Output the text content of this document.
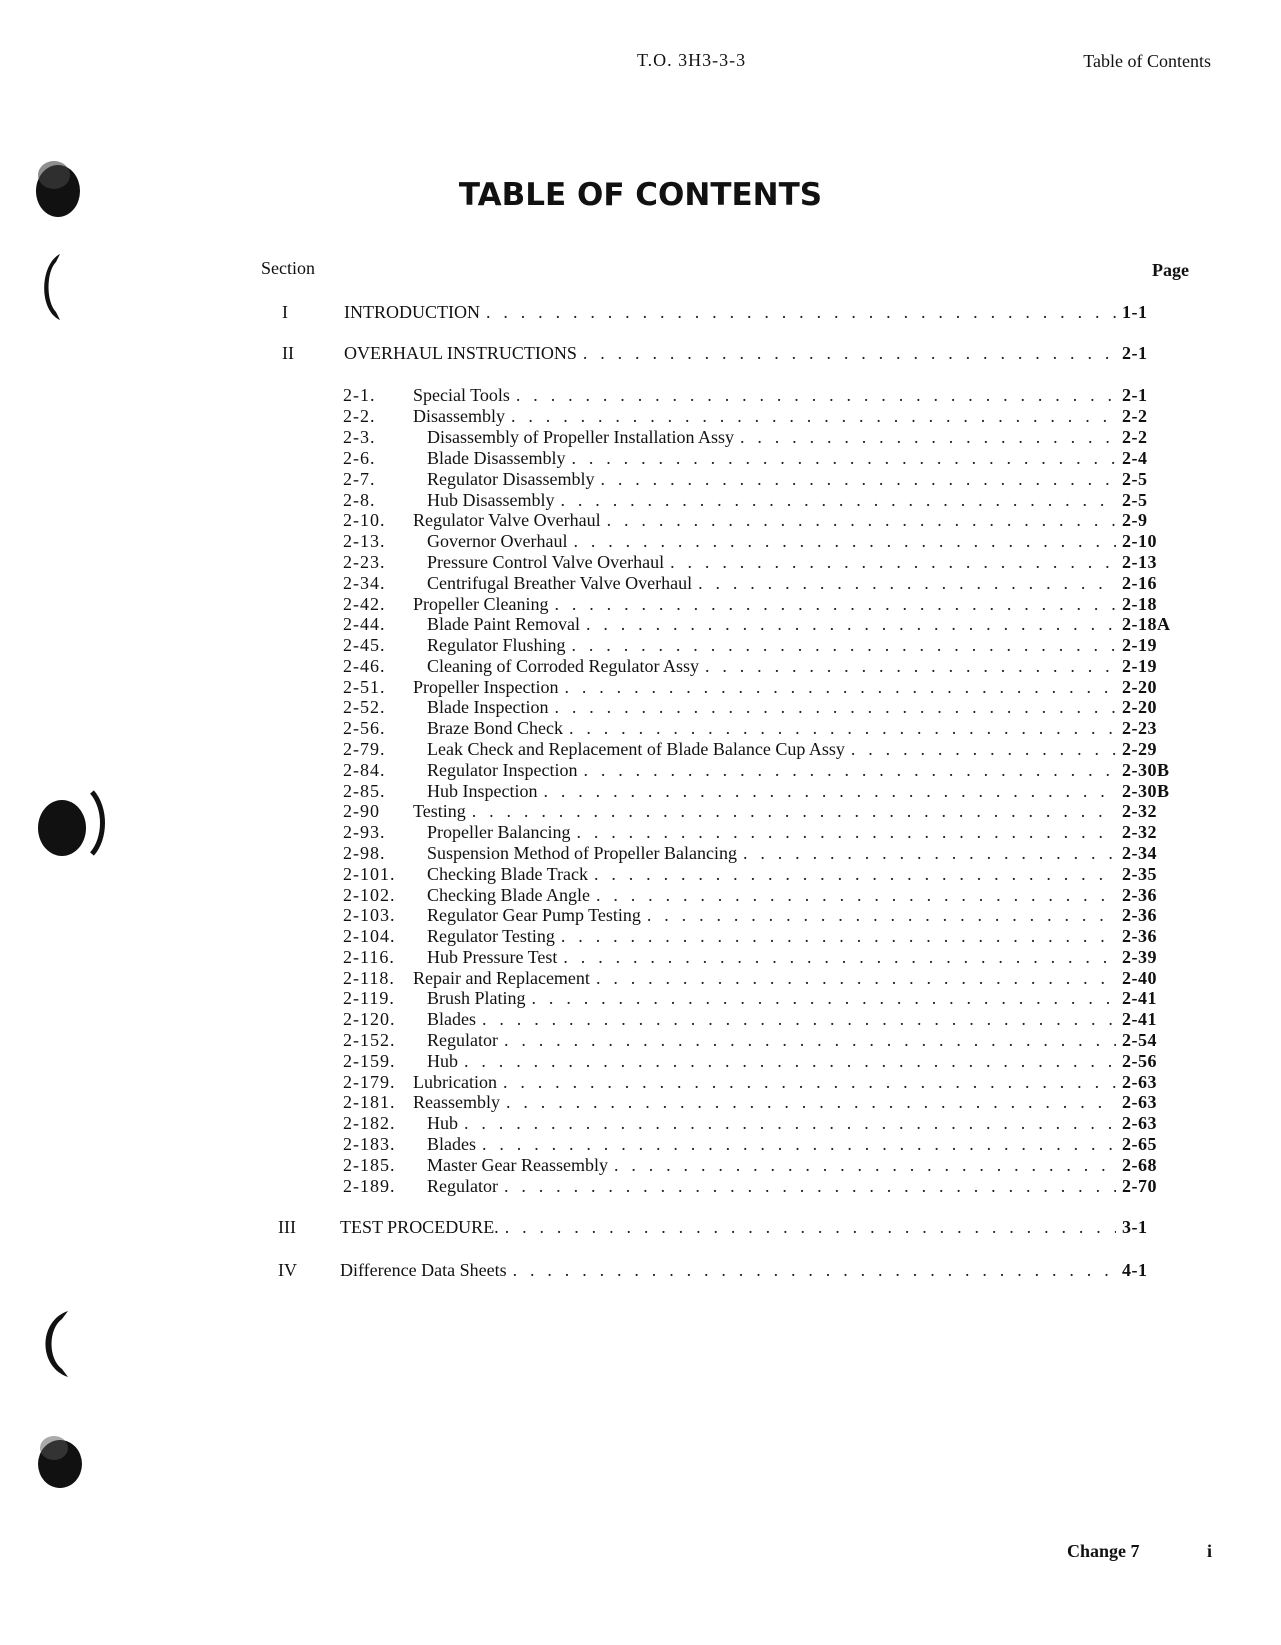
T.O. 3H3-3-3	Table of Contents
TABLE OF CONTENTS
Section	Page
I	INTRODUCTION . . .	1-1
II	OVERHAUL INSTRUCTIONS . . .	2-1
2-1.	Special Tools . . .	2-1
2-2.	Disassembly . . .	2-2
2-3.	Disassembly of Propeller Installation Assy . . .	2-2
2-6.	Blade Disassembly . . .	2-4
2-7.	Regulator Disassembly . . .	2-5
2-8.	Hub Disassembly . . .	2-5
2-10.	Regulator Valve Overhaul . . .	2-9
2-13.	Governor Overhaul . . .	2-10
2-23.	Pressure Control Valve Overhaul . . .	2-13
2-34.	Centrifugal Breather Valve Overhaul . . .	2-16
2-42.	Propeller Cleaning . . .	2-18
2-44.	Blade Paint Removal . . .	2-18A
2-45.	Regulator Flushing . . .	2-19
2-46.	Cleaning of Corroded Regulator Assy . . .	2-19
2-51.	Propeller Inspection . . .	2-20
2-52.	Blade Inspection . . .	2-20
2-56.	Braze Bond Check . . .	2-23
2-79.	Leak Check and Replacement of Blade Balance Cup Assy . . .	2-29
2-84.	Regulator Inspection . . .	2-30B
2-85.	Hub Inspection . . .	2-30B
2-90	Testing . . .	2-32
2-93.	Propeller Balancing . . .	2-32
2-98.	Suspension Method of Propeller Balancing . . .	2-34
2-101.	Checking Blade Track . . .	2-35
2-102.	Checking Blade Angle . . .	2-36
2-103.	Regulator Gear Pump Testing . . .	2-36
2-104.	Regulator Testing . . .	2-36
2-116.	Hub Pressure Test . . .	2-39
2-118.	Repair and Replacement . . .	2-40
2-119.	Brush Plating . . .	2-41
2-120.	Blades . . .	2-41
2-152.	Regulator . . .	2-54
2-159.	Hub . . .	2-56
2-179. Lubrication . . .	2-63
2-181. Reassembly . . .	2-63
2-182.	Hub . . .	2-63
2-183.	Blades . . .	2-65
2-185.	Master Gear Reassembly . . .	2-68
2-189.	Regulator . . .	2-70
III TEST PROCEDURE. . . .	3-1
IV Difference Data Sheets . . .	4-1
Change 7	i
